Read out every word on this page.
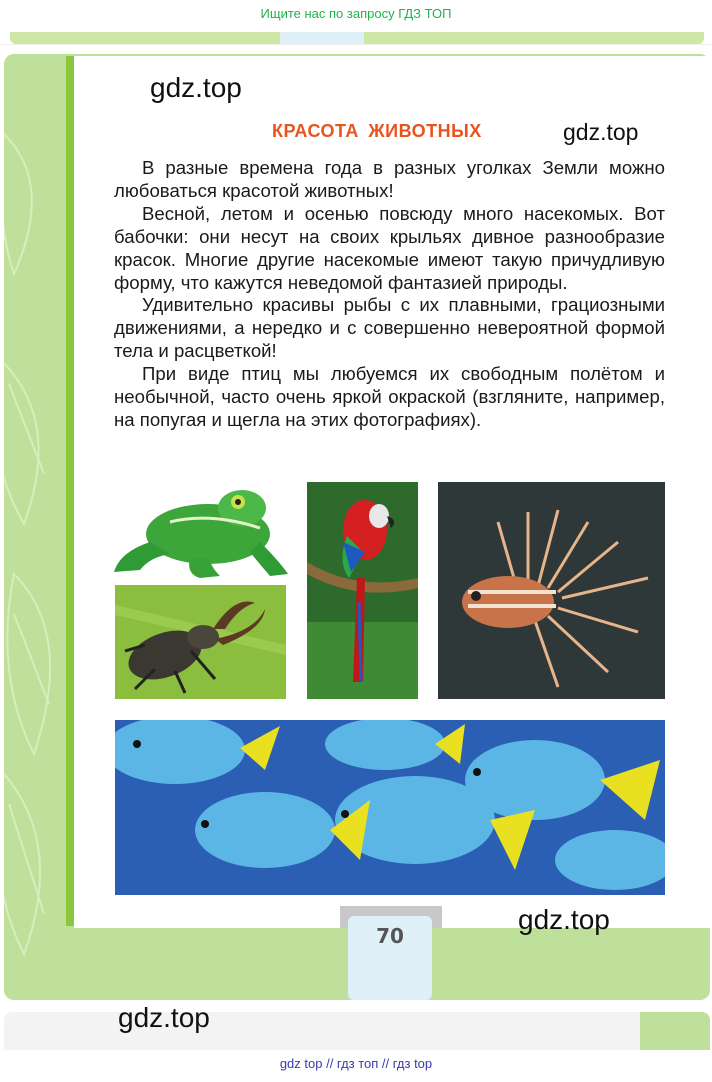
Ищите нас по запросу ГДЗ ТОП
gdz.top
gdz.top
КРАСОТА ЖИВОТНЫХ

В разные времена года в разных уголках Земли можно любоваться красотой животных!

Весной, летом и осенью повсюду много насекомых. Вот бабочки: они несут на своих крыльях дивное разнообразие красок. Многие другие насекомые имеют такую причудливую форму, что кажутся неведомой фантазией природы.

Удивительно красивы рыбы с их плавными, грациозными движениями, а нередко и с совершенно невероятной формой тела и расцветкой!

При виде птиц мы любуемся их свободным полётом и необычной, часто очень яркой окраской (взгляните, например, на попугая и щегла на этих фотографиях).

70
gdz.top
gdz.top
gdz top // гдз топ // гдз top
